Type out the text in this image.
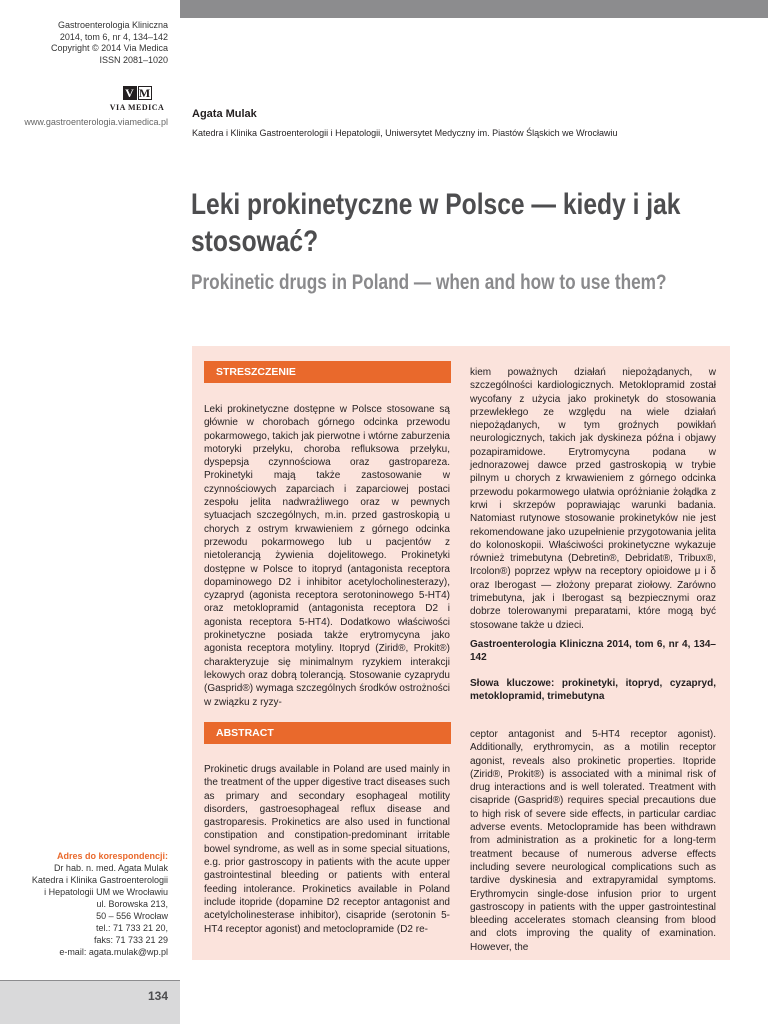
Gastroenterologia Kliniczna
2014, tom 6, nr 4, 134–142
Copyright © 2014 Via Medica
ISSN 2081–1020
V M
VIA MEDICA
www.gastroenterologia.viamedica.pl
Agata Mulak
Katedra i Klinika Gastroenterologii i Hepatologii, Uniwersytet Medyczny im. Piastów Śląskich we Wrocławiu
Leki prokinetyczne w Polsce — kiedy i jak stosować?
Prokinetic drugs in Poland — when and how to use them?
STRESZCZENIE

Leki prokinetyczne dostępne w Polsce stosowane są głównie w chorobach górnego odcinka przewodu pokarmowego, takich jak pierwotne i wtórne zaburzenia motoryki przełyku, choroba refluksowa przełyku, dyspepsja czynnościowa oraz gastropareza. Prokinetyki mają także zastosowanie w czynnościowych zaparciach i zaparciowej postaci zespołu jelita nadwrażliwego oraz w pewnych sytuacjach szczególnych, m.in. przed gastroskopią u chorych z ostrym krwawieniem z górnego odcinka przewodu pokarmowego lub u pacjentów z nietolerancją żywienia dojelitowego. Prokinetyki dostępne w Polsce to itopryd (antagonista receptora dopaminowego D2 i inhibitor acetylocholinesterazy), cyzapryd (agonista receptora serotoninowego 5-HT4) oraz metoklopramid (antagonista receptora D2 i agonista receptora 5-HT4). Dodatkowo właściwości prokinetyczne posiada także erytromycyna jako agonista receptora motyliny. Itopryd (Zirid®, Prokit®) charakteryzuje się minimalnym ryzykiem interakcji lekowych oraz dobrą tolerancją. Stosowanie cyzaprydu (Gasprid®) wymaga szczególnych środków ostrożności w związku z ryzy-

kiem poważnych działań niepożądanych, w szczególności kardiologicznych. Metoklopramid został wycofany z użycia jako prokinetyk do stosowania przewlekłego ze względu na wiele działań niepożądanych, w tym groźnych powikłań neurologicznych, takich jak dyskineza późna i objawy pozapiramidowe. Erytromycyna podana w jednorazowej dawce przed gastroskopią w trybie pilnym u chorych z krwawieniem z górnego odcinka przewodu pokarmowego ułatwia opróżnianie żołądka z krwi i skrzepów poprawiając warunki badania. Natomiast rutynowe stosowanie prokinetyków nie jest rekomendowane jako uzupełnienie przygotowania jelita do kolonoskopii. Właściwości prokinetyczne wykazuje również trimebutyna (Debretin®, Debridat®, Tribux®, Ircolon®) poprzez wpływ na receptory opioidowe μ i δ oraz Iberogast — złożony preparat ziołowy. Zarówno trimebutyna, jak i Iberogast są bezpiecznymi oraz dobrze tolerowanymi preparatami, które mogą być stosowane także u dzieci.

Gastroenterologia Kliniczna 2014, tom 6, nr 4, 134–142

Słowa kluczowe: prokinetyki, itopryd, cyzapryd, metoklopramid, trimebutyna

ABSTRACT

Prokinetic drugs available in Poland are used mainly in the treatment of the upper digestive tract diseases such as primary and secondary esophageal motility disorders, gastroesophageal reflux disease and gastroparesis. Prokinetics are also used in functional constipation and constipation-predominant irritable bowel syndrome, as well as in some special situations, e.g. prior gastroscopy in patients with the acute upper gastrointestinal bleeding or patients with enteral feeding intolerance. Prokinetics available in Poland include itopride (dopamine D2 receptor antagonist and acetylcholinesterase inhibitor), cisapride (serotonin 5-HT4 receptor agonist) and metoclopramide (D2 re-

ceptor antagonist and 5-HT4 receptor agonist). Additionally, erythromycin, as a motilin receptor agonist, reveals also prokinetic properties. Itopride (Zirid®, Prokit®) is associated with a minimal risk of drug interactions and is well tolerated. Treatment with cisapride (Gasprid®) requires special precautions due to high risk of severe side effects, in particular cardiac adverse events. Metoclopramide has been withdrawn from administration as a prokinetic for a long-term treatment because of numerous adverse effects including severe neurological complications such as tardive dyskinesia and extrapyramidal symptoms. Erythromycin single-dose infusion prior to urgent gastroscopy in patients with the upper gastrointestinal bleeding accelerates stomach cleansing from blood and clots improving the quality of examination. However, the

Adres do korespondencji:
Dr hab. n. med. Agata Mulak
Katedra i Klinika Gastroenterologii
i Hepatologii UM we Wrocławiu
ul. Borowska 213,
50 – 556 Wrocław
tel.: 71 733 21 20,
faks: 71 733 21 29
e-mail: agata.mulak@wp.pl
134
